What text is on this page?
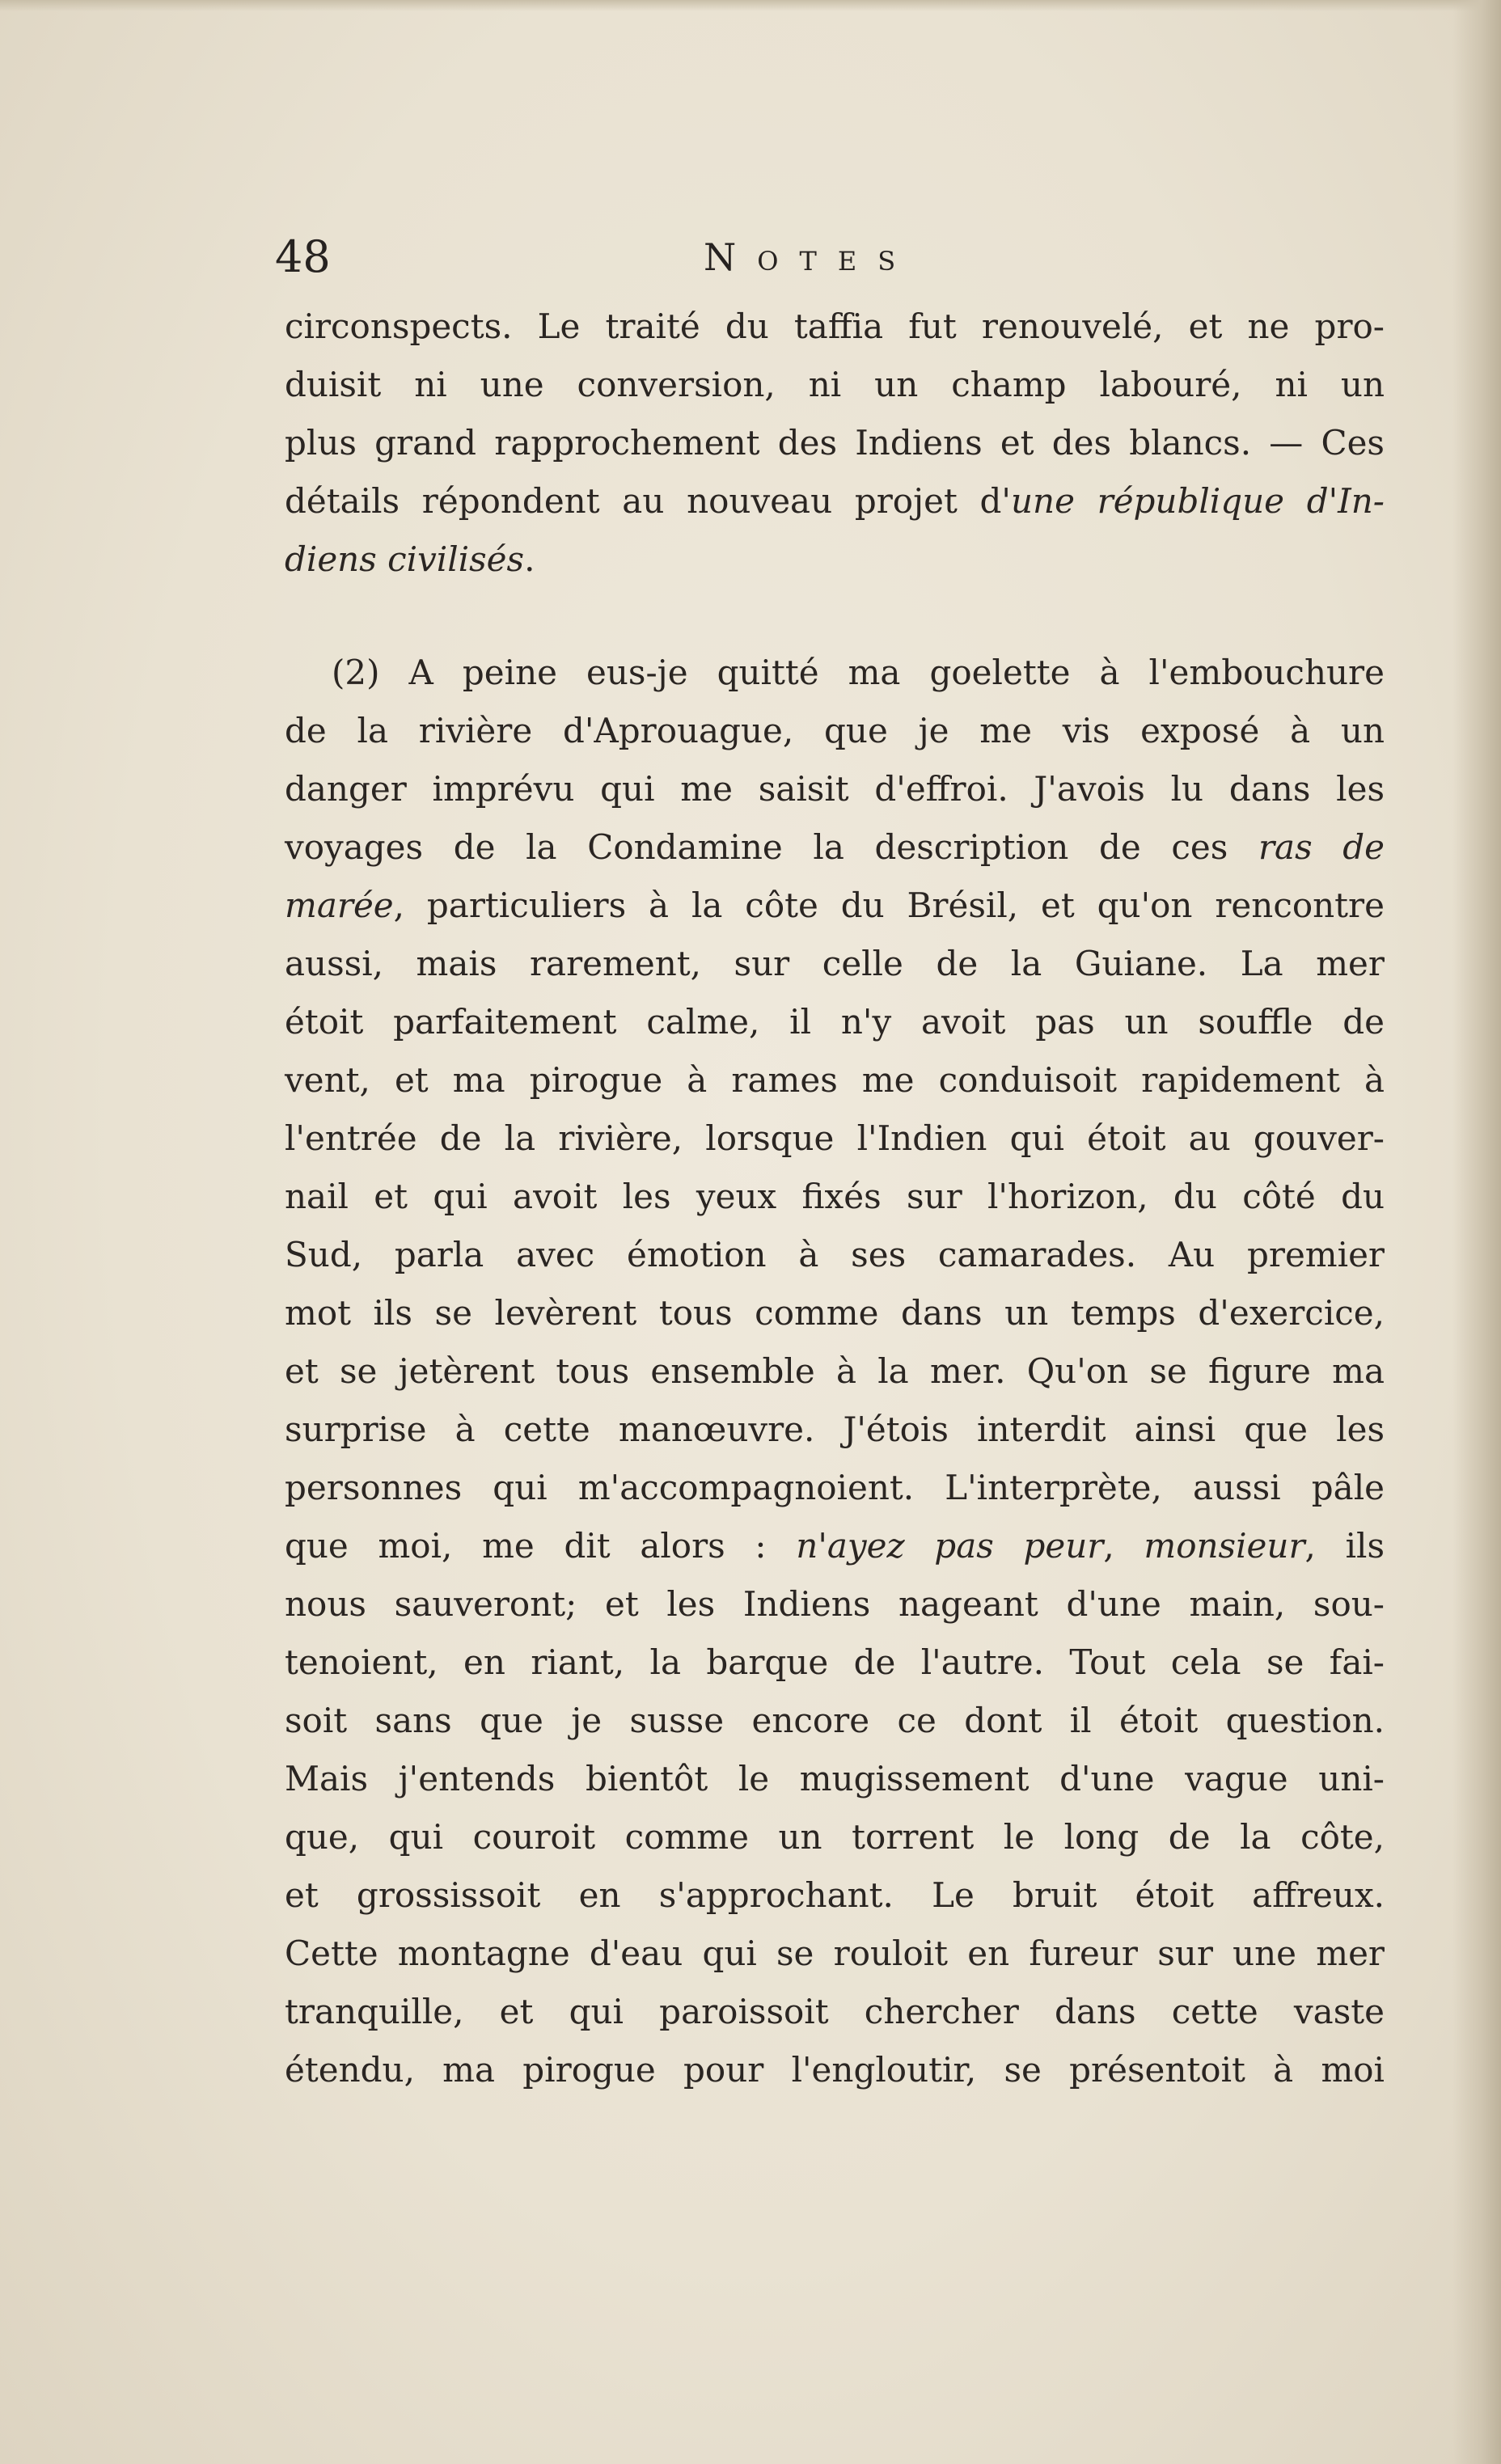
48	Notes
circonspects. Le traité du taffia fut renouvelé, et ne pro-
duisit ni une conversion, ni un champ labouré, ni un
plus grand rapprochement des Indiens et des blancs. — Ces
détails répondent au nouveau projet d'une république d'In-
diens civilisés.
(2) A peine eus-je quitté ma goelette à l'embouchure
de la rivière d'Aprouague, que je me vis exposé à un
danger imprévu qui me saisit d'effroi. J'avois lu dans les
voyages de la Condamine la description de ces ras de
marée, particuliers à la côte du Brésil, et qu'on rencontre
aussi, mais rarement, sur celle de la Guiane. La mer
étoit parfaitement calme, il n'y avoit pas un souffle de
vent, et ma pirogue à rames me conduisoit rapidement à
l'entrée de la rivière, lorsque l'Indien qui étoit au gouver-
nail et qui avoit les yeux fixés sur l'horizon, du côté du
Sud, parla avec émotion à ses camarades. Au premier
mot ils se levèrent tous comme dans un temps d'exercice,
et se jetèrent tous ensemble à la mer. Qu'on se figure ma
surprise à cette manœuvre. J'étois interdit ainsi que les
personnes qui m'accompagnoient. L'interprète, aussi pâle
que moi, me dit alors : n'ayez pas peur, monsieur, ils
nous sauveront; et les Indiens nageant d'une main, sou-
tenoient, en riant, la barque de l'autre. Tout cela se fai-
soit sans que je susse encore ce dont il étoit question.
Mais j'entends bientôt le mugissement d'une vague uni-
que, qui couroit comme un torrent le long de la côte,
et grossissoit en s'approchant. Le bruit étoit affreux.
Cette montagne d'eau qui se rouloit en fureur sur une mer
tranquille, et qui paroissoit chercher dans cette vaste
étendu, ma pirogue pour l'engloutir, se présentoit à moi
